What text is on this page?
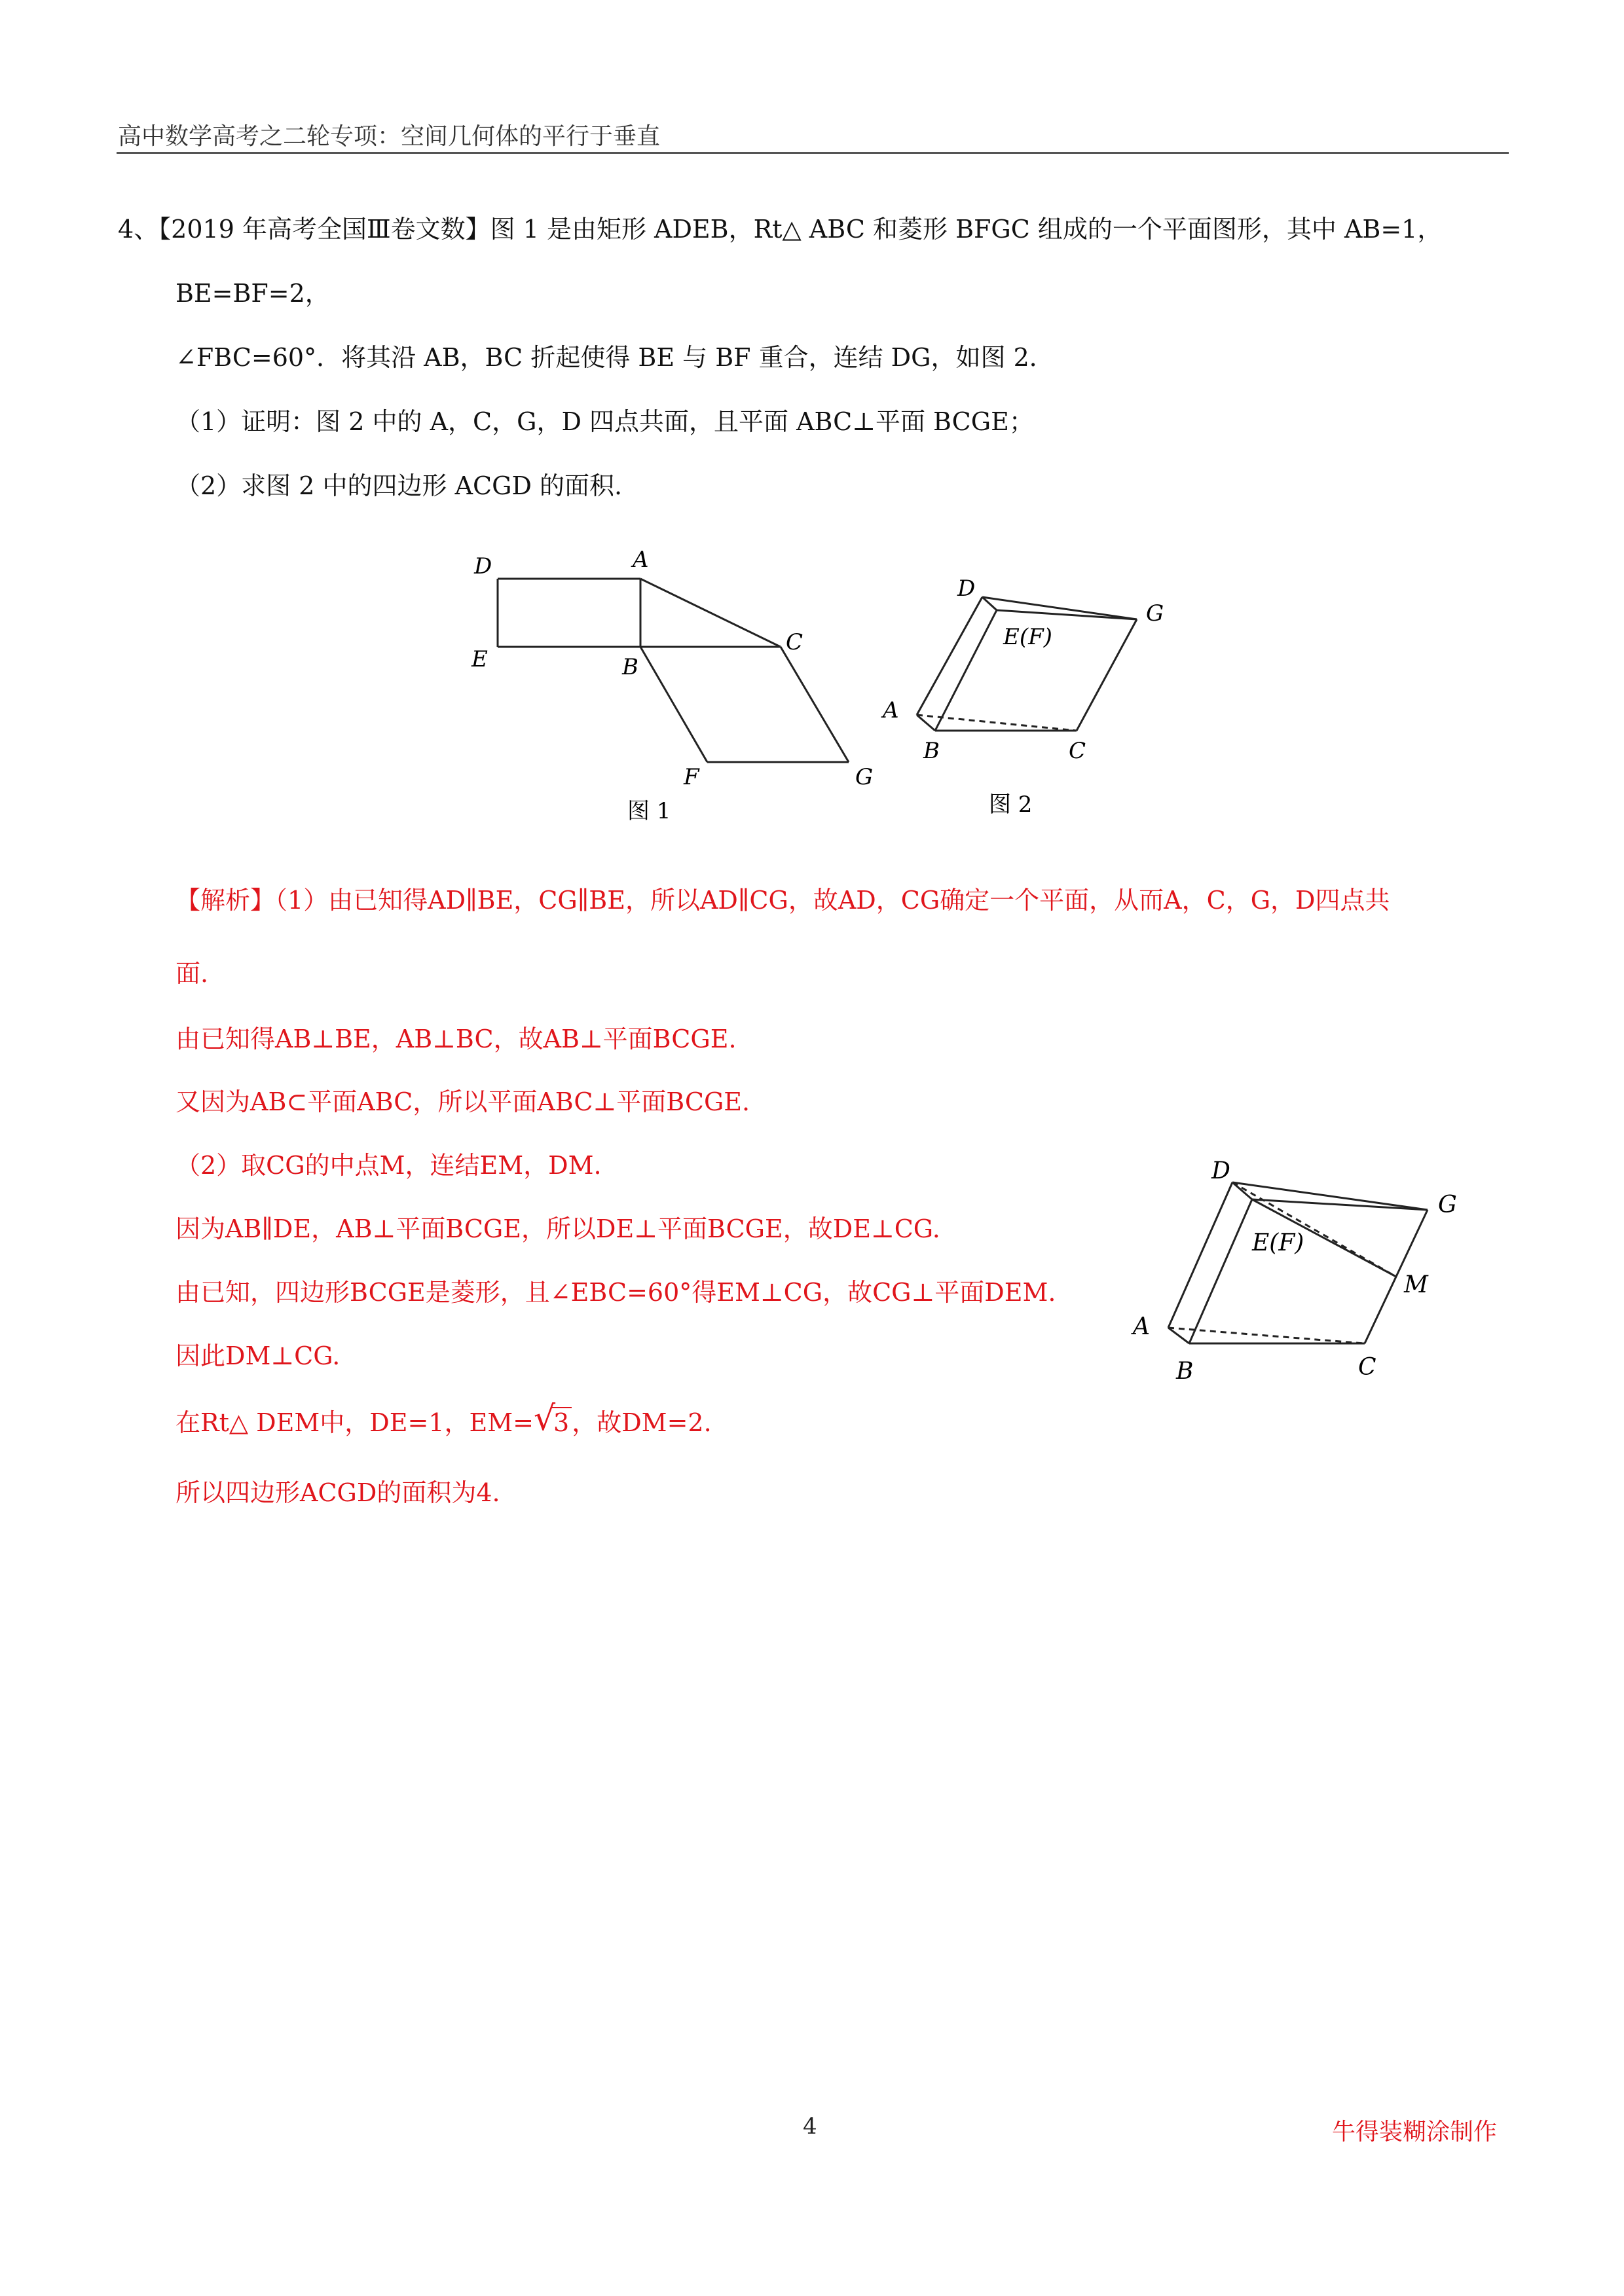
高中数学高考之二轮专项：空间几何体的平行于垂直
4、【2019 年高考全国Ⅲ卷文数】图 1 是由矩形 ADEB，Rt△ ABC 和菱形 BFGC 组成的一个平面图形，其中 AB=1，
BE=BF=2，
∠FBC=60°．将其沿 AB，BC 折起使得 BE 与 BF 重合，连结 DG，如图 2．
（1）证明：图 2 中的 A，C，G，D 四点共面，且平面 ABC⊥平面 BCGE；
（2）求图 2 中的四边形 ACGD 的面积.
D	A
E	B
C
F	G
图 1
D
G
E(F)
A
B	C
图 2
【解析】（1）由已知得AD∥BE，CG∥BE，所以AD∥CG，故AD，CG确定一个平面，从而A，C，G，D四点共
面.
由已知得AB⊥BE，AB⊥BC，故AB⊥平面BCGE.
又因为AB⊂平面ABC，所以平面ABC⊥平面BCGE.
（2）取CG的中点M，连结EM，DM.
因为AB∥DE，AB⊥平面BCGE，所以DE⊥平面BCGE，故DE⊥CG.
由已知，四边形BCGE是菱形，且∠EBC=60°得EM⊥CG，故CG⊥平面DEM.
因此DM⊥CG.
在Rt△ DEM中，DE=1，EM= √
3 ，故DM=2.
所以四边形ACGD的面积为4.
D
G
E(F)
M
A
B	C
4	牛得装糊涂制作
